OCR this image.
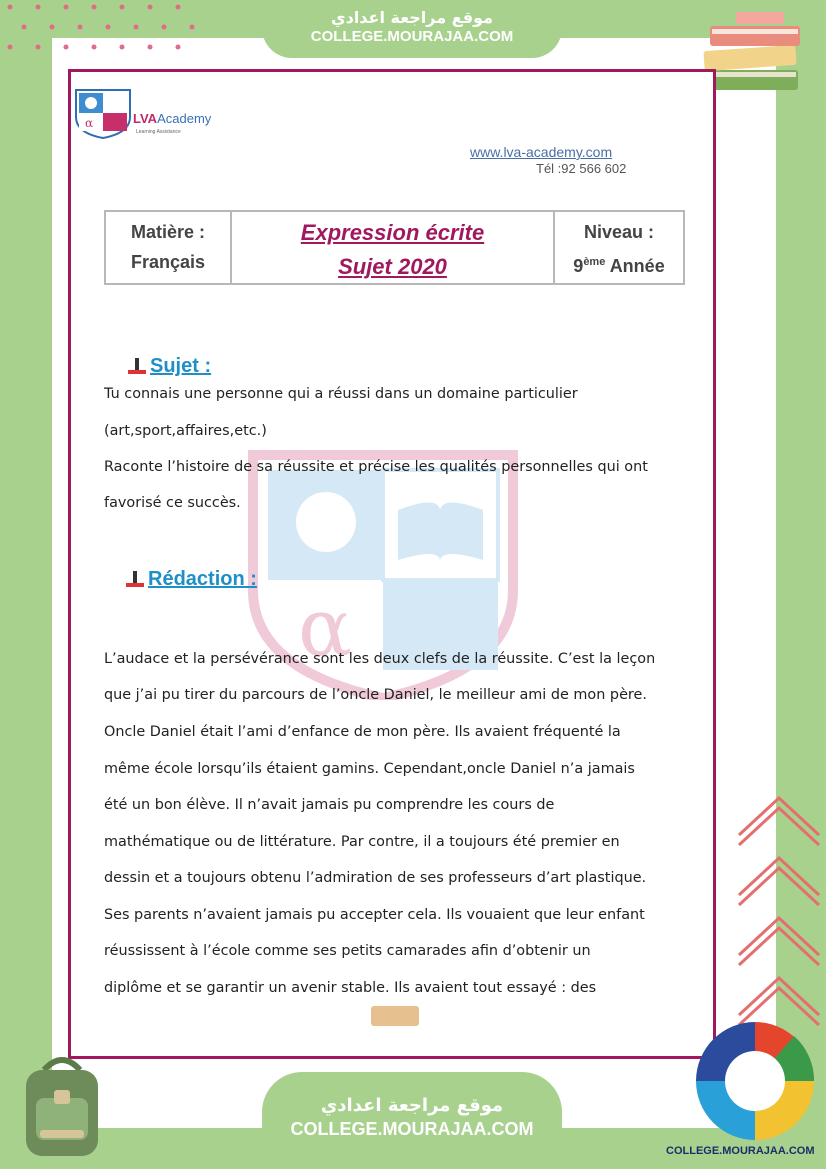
موقع مراجعة اعدادي
COLLEGE.MOURAJAA.COM
α	LVAAcademy
Learning Assistance
www.lva-academy.com
Tél :92 566 602
Matière :
Français
Expression écrite
Sujet 2020
Niveau :
9ème Année
α
Sujet :
Tu connais une personne qui a réussi dans un domaine particulier
(art,sport,affaires,etc.)
Raconte l’histoire de sa réussite et précise les qualités personnelles qui ont
favorisé ce succès.
Rédaction :
L’audace et la persévérance sont les deux clefs de la réussite. C’est la leçon
que j’ai pu tirer du parcours de l’oncle Daniel, le meilleur ami de mon père.
Oncle Daniel était l’ami d’enfance de mon père. Ils avaient fréquenté la
même école lorsqu’ils étaient gamins. Cependant,oncle Daniel n’a jamais
été un bon élève. Il n’avait jamais pu comprendre les cours de
mathématique ou de littérature. Par contre, il a toujours été premier en
dessin et a toujours obtenu l’admiration de ses professeurs d’art plastique.
Ses parents n’avaient jamais pu accepter cela. Ils vouaient que leur enfant
réussissent à l’école comme ses petits camarades afin d’obtenir un
diplôme et se garantir un avenir stable. Ils avaient tout essayé : des
موقع مراجعة اعدادي
COLLEGE.MOURAJAA.COM
COLLEGE.MOURAJAA.COM
